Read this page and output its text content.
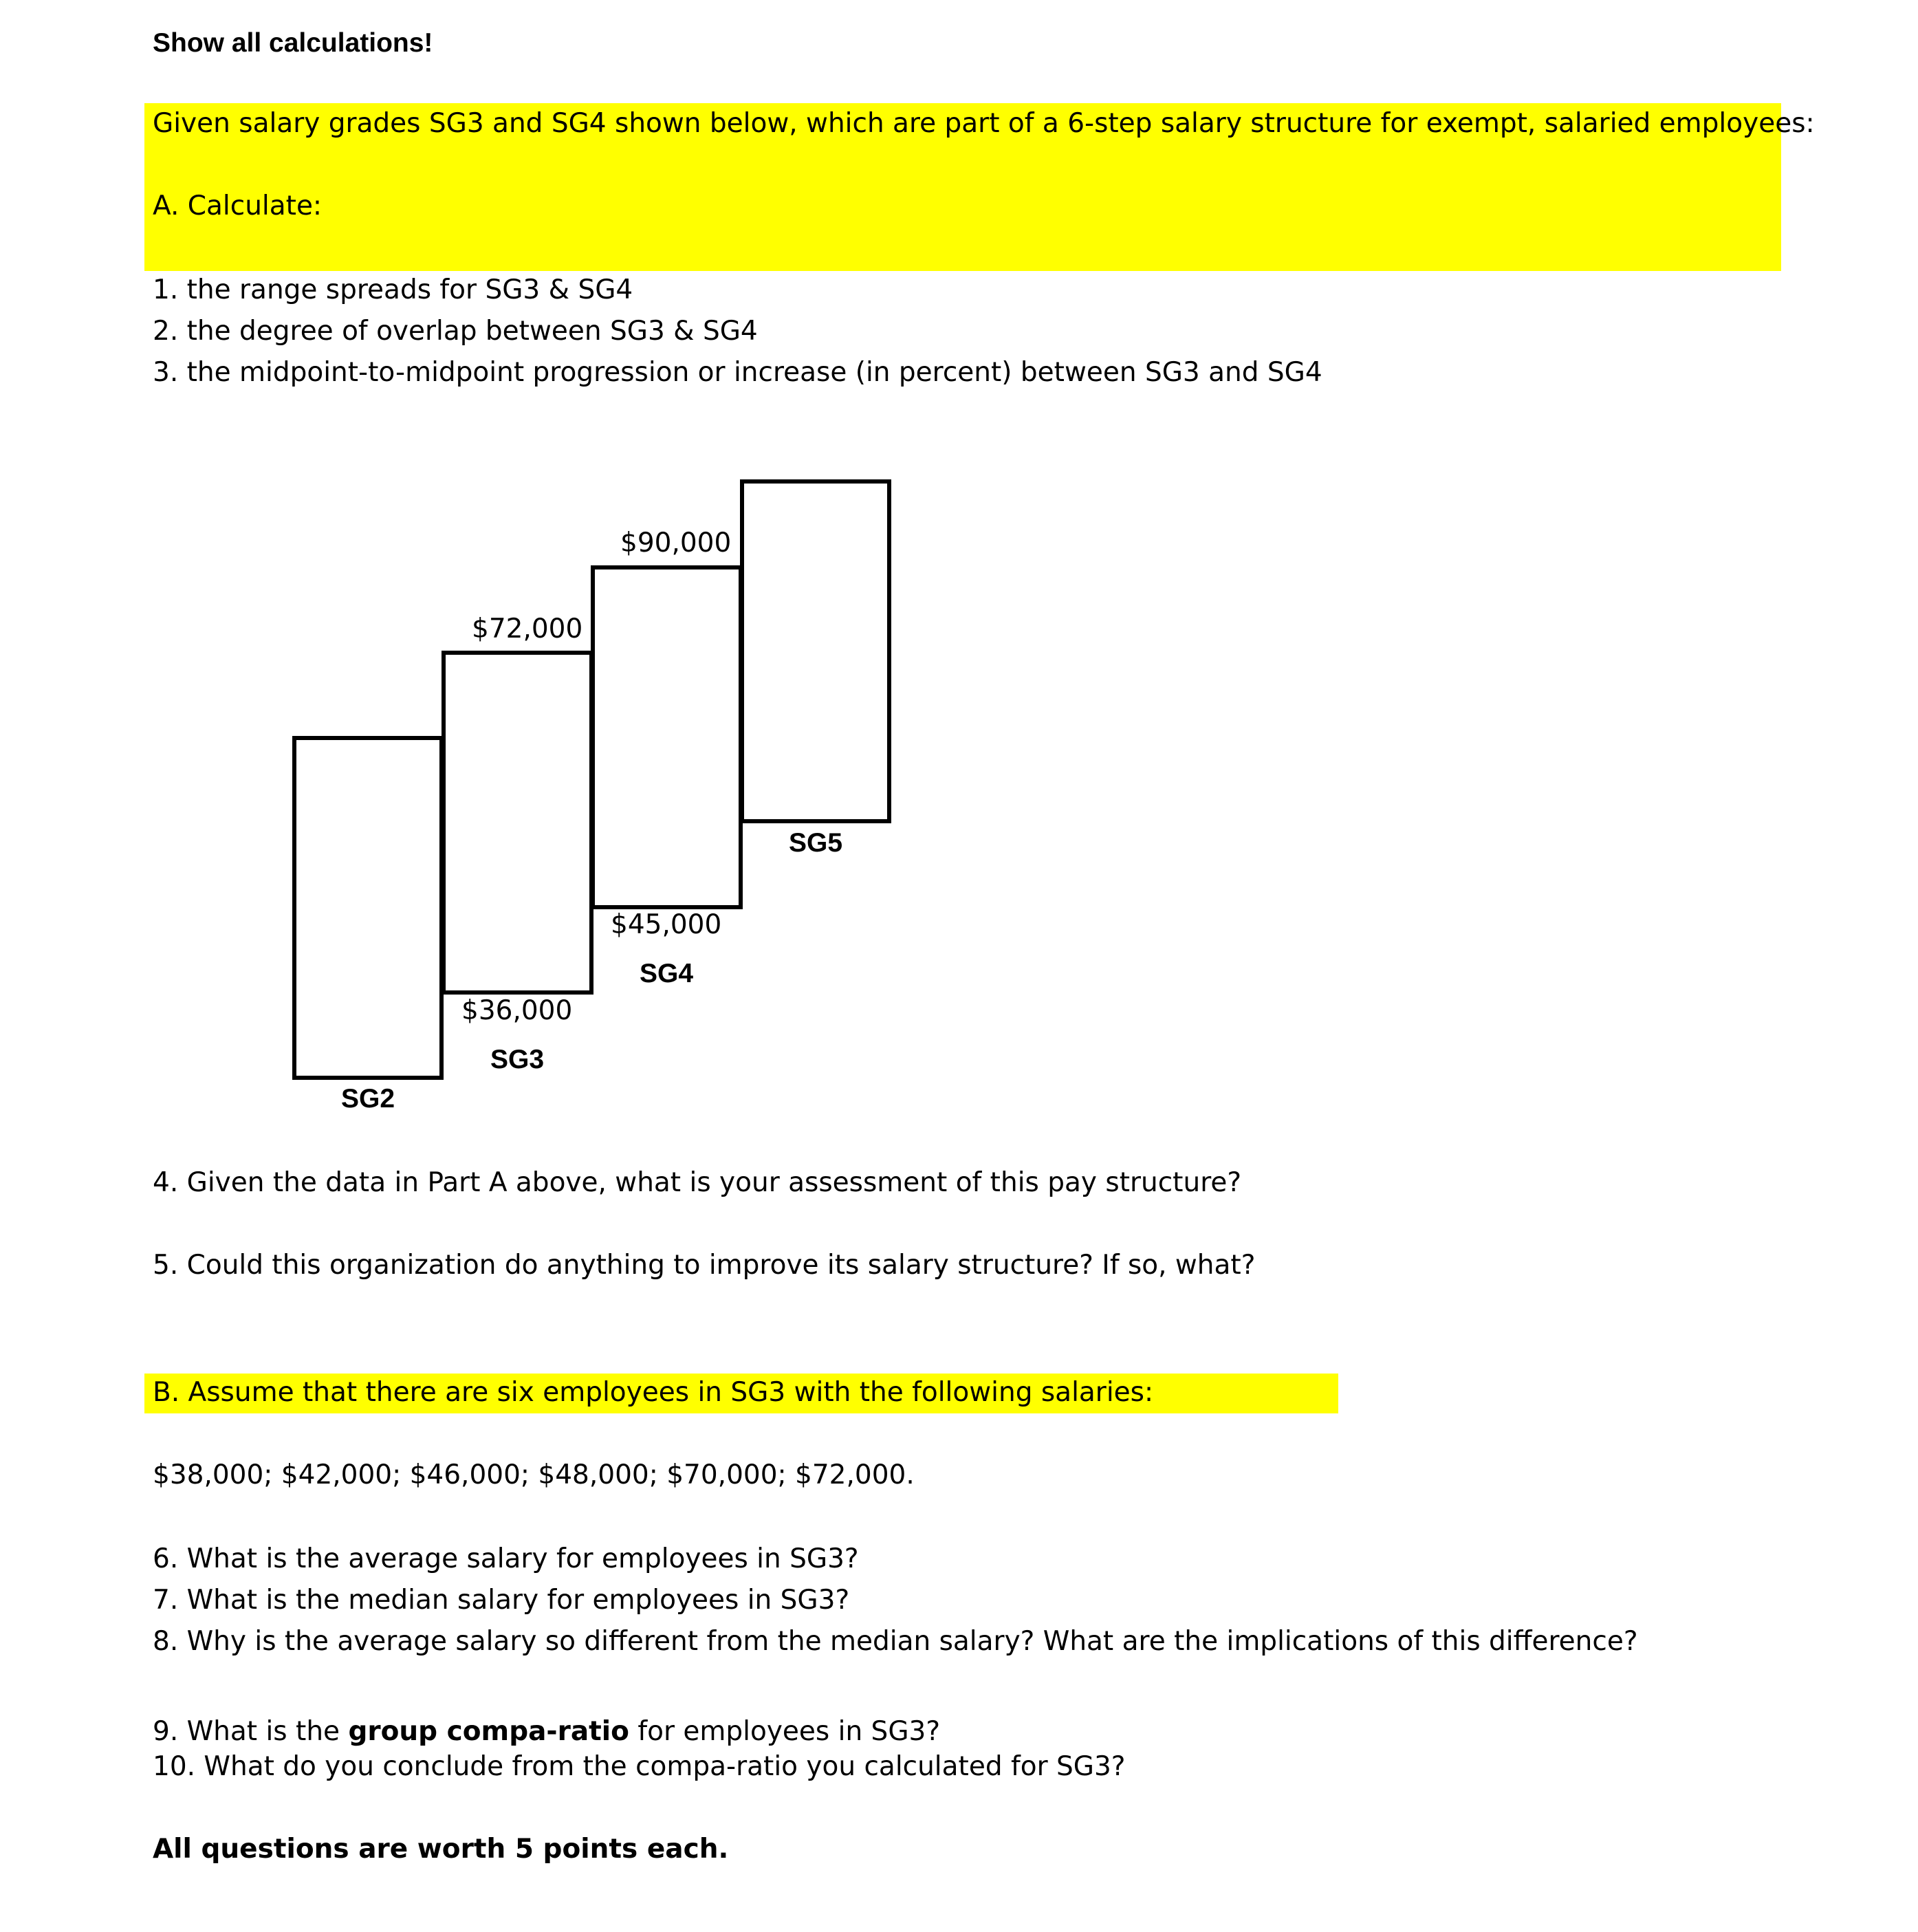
Show all calculations!

Given salary grades SG3 and SG4 shown below, which are part of a 6-step salary structure for exempt, salaried employees:

A. Calculate:

1. the range spreads for SG3 & SG4

2. the degree of overlap between SG3 & SG4

3. the midpoint-to-midpoint progression or increase (in percent) between SG3 and SG4

$72,000

$90,000

$45,000

$36,000

SG5

SG4

SG3

SG2

4. Given the data in Part A above, what is your assessment of this pay structure?

5. Could this organization do anything to improve its salary structure? If so, what?

B. Assume that there are six employees in SG3 with the following salaries:

$38,000; $42,000; $46,000; $48,000; $70,000; $72,000.

6. What is the average salary for employees in SG3?

7. What is the median salary for employees in SG3?

8. Why is the average salary so different from the median salary? What are the implications of this difference?

9. What is the group compa-ratio for employees in SG3?

10. What do you conclude from the compa-ratio you calculated for SG3?

All questions are worth 5 points each.
